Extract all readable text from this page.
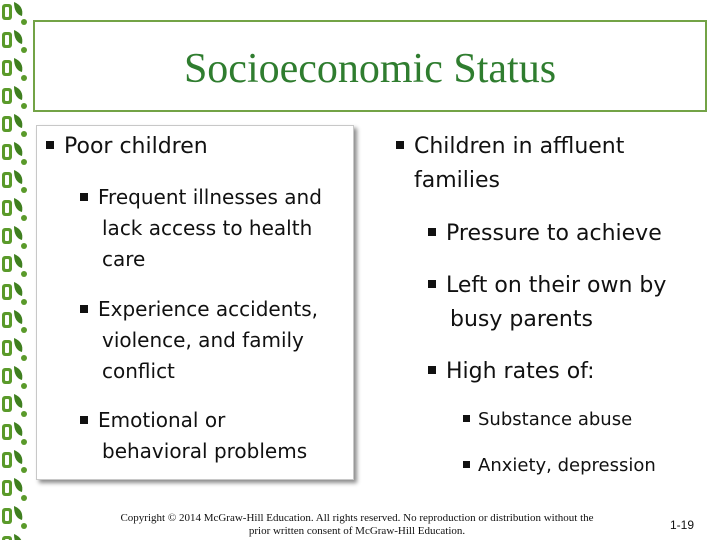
Socioeconomic Status
Poor children
Frequent illnesses and
lack access to health
care
Experience accidents,
violence, and family
conflict
Emotional or
behavioral problems
Children in affluent
families
Pressure to achieve
Left on their own by
busy parents
High rates of:
Substance abuse
Anxiety, depression
Copyright © 2014 McGraw-Hill Education. All rights reserved. No reproduction or distribution without the
prior written consent of McGraw-Hill Education.	1-19
